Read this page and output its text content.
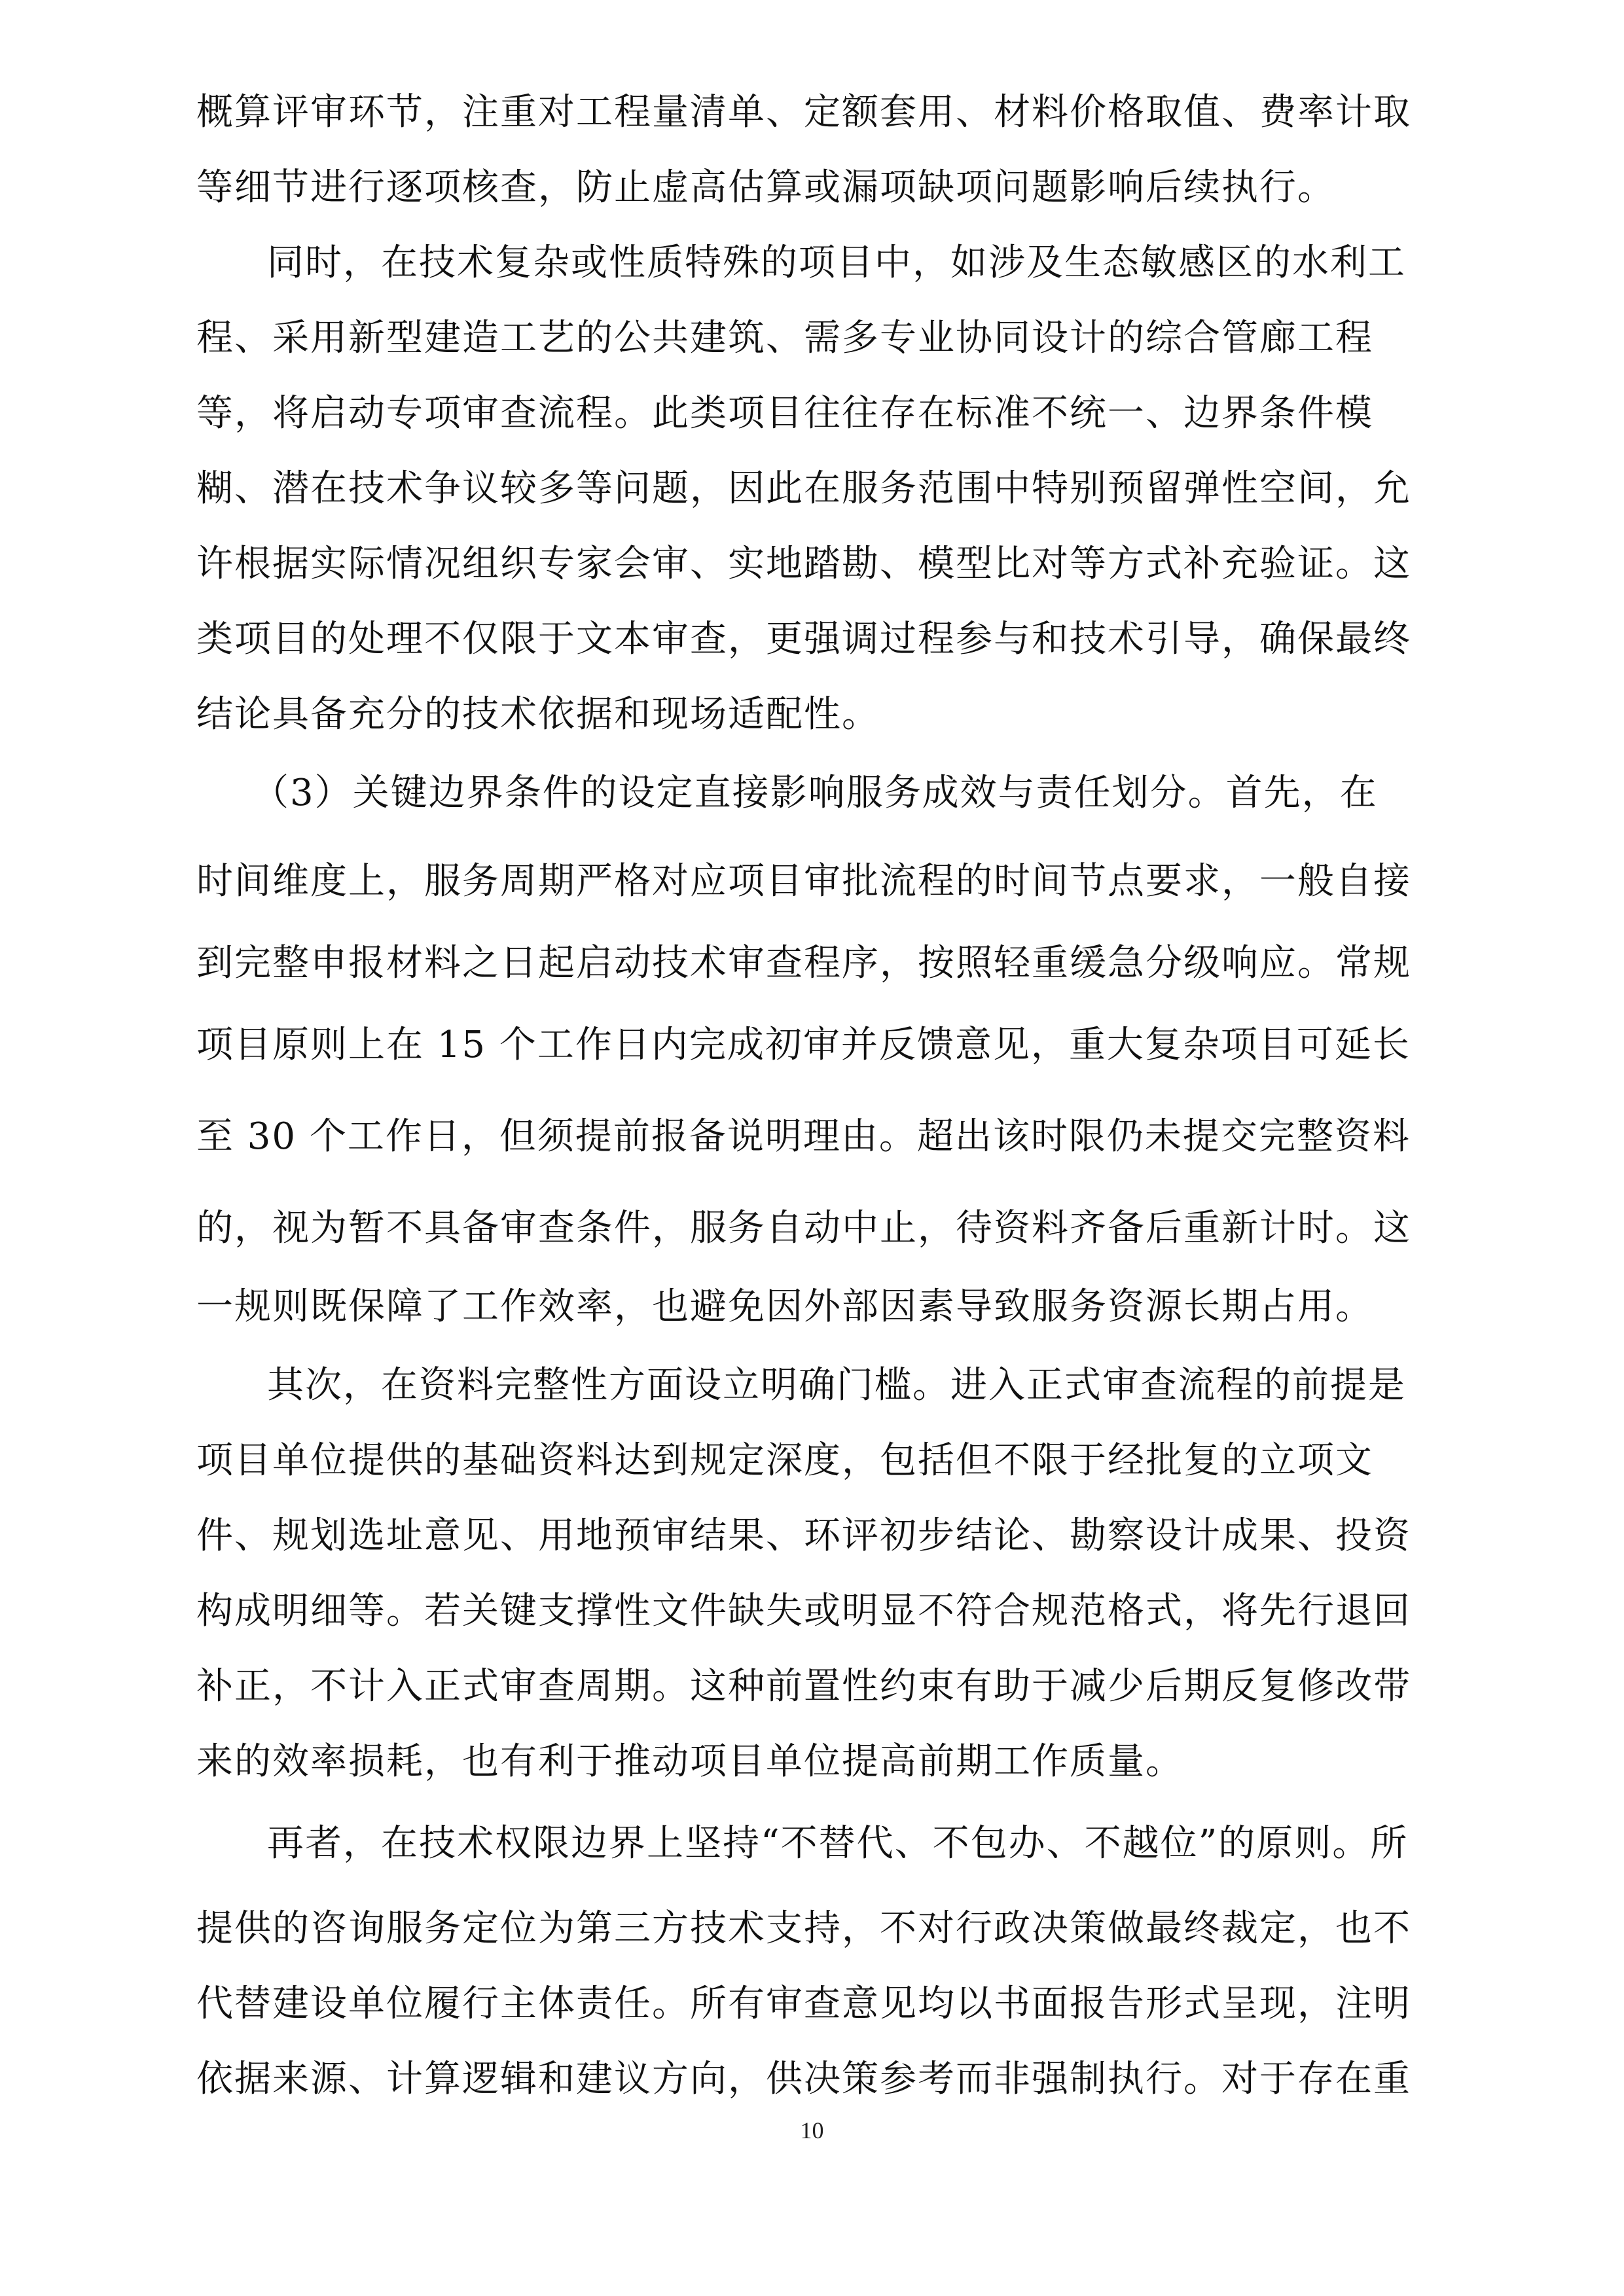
概算评审环节，注重对工程量清单、定额套用、材料价格取值、费率计取
等细节进行逐项核查，防止虚高估算或漏项缺项问题影响后续执行。
同时，在技术复杂或性质特殊的项目中，如涉及生态敏感区的水利工
程、采用新型建造工艺的公共建筑、需多专业协同设计的综合管廊工程
等，将启动专项审查流程。此类项目往往存在标准不统一、边界条件模
糊、潜在技术争议较多等问题，因此在服务范围中特别预留弹性空间，允
许根据实际情况组织专家会审、实地踏勘、模型比对等方式补充验证。这
类项目的处理不仅限于文本审查，更强调过程参与和技术引导，确保最终
结论具备充分的技术依据和现场适配性。
（3）关键边界条件的设定直接影响服务成效与责任划分。首先，在
时间维度上，服务周期严格对应项目审批流程的时间节点要求，一般自接
到完整申报材料之日起启动技术审查程序，按照轻重缓急分级响应。常规
项目原则上在 15 个工作日内完成初审并反馈意见，重大复杂项目可延长
至 30 个工作日，但须提前报备说明理由。超出该时限仍未提交完整资料
的，视为暂不具备审查条件，服务自动中止，待资料齐备后重新计时。这
一规则既保障了工作效率，也避免因外部因素导致服务资源长期占用。
其次，在资料完整性方面设立明确门槛。进入正式审查流程的前提是
项目单位提供的基础资料达到规定深度，包括但不限于经批复的立项文
件、规划选址意见、用地预审结果、环评初步结论、勘察设计成果、投资
构成明细等。若关键支撑性文件缺失或明显不符合规范格式，将先行退回
补正，不计入正式审查周期。这种前置性约束有助于减少后期反复修改带
来的效率损耗，也有利于推动项目单位提高前期工作质量。
再者，在技术权限边界上坚持“不替代、不包办、不越位”的原则。所
提供的咨询服务定位为第三方技术支持，不对行政决策做最终裁定，也不
代替建设单位履行主体责任。所有审查意见均以书面报告形式呈现，注明
依据来源、计算逻辑和建议方向，供决策参考而非强制执行。对于存在重
10
